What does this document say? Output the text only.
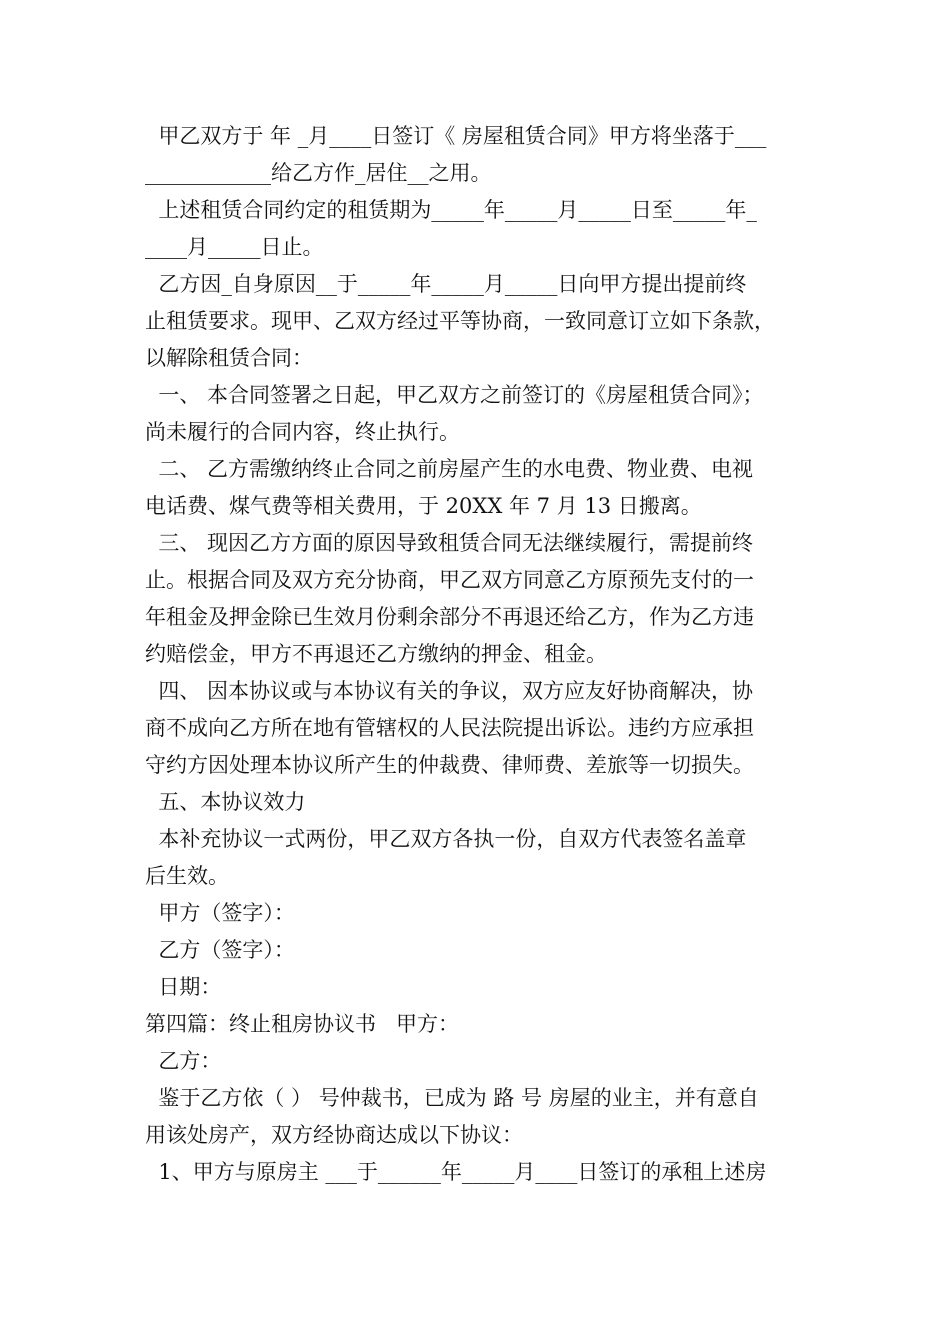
甲乙双方于 年 _月____日签订《 房屋租赁合同》甲方将坐落于___
____________给乙方作_居住__之用。
上述租赁合同约定的租赁期为_____年_____月_____日至_____年_
____月_____日止。
乙方因_自身原因__于_____年_____月_____日向甲方提出提前终
止租赁要求。现甲、乙双方经过平等协商，一致同意订立如下条款，
以解除租赁合同：
一、 本合同签署之日起，甲乙双方之前签订的《房屋租赁合同》；
尚未履行的合同内容，终止执行。
二、 乙方需缴纳终止合同之前房屋产生的水电费、物业费、电视
电话费、煤气费等相关费用，于 20XX 年 7 月 13 日搬离。
三、 现因乙方方面的原因导致租赁合同无法继续履行，需提前终
止。根据合同及双方充分协商，甲乙双方同意乙方原预先支付的一
年租金及押金除已生效月份剩余部分不再退还给乙方，作为乙方违
约赔偿金，甲方不再退还乙方缴纳的押金、租金。
四、 因本协议或与本协议有关的争议，双方应友好协商解决，协
商不成向乙方所在地有管辖权的人民法院提出诉讼。违约方应承担
守约方因处理本协议所产生的仲裁费、律师费、差旅等一切损失。
五、本协议效力
本补充协议一式两份，甲乙双方各执一份，自双方代表签名盖章
后生效。
甲方（签字）：
乙方（签字）：
日期：
第四篇：终止租房协议书   甲方：
乙方：
鉴于乙方依（ ） 号仲裁书，已成为 路 号 房屋的业主，并有意自
用该处房产，双方经协商达成以下协议：
1、甲方与原房主 ___于______年_____月____日签订的承租上述房
